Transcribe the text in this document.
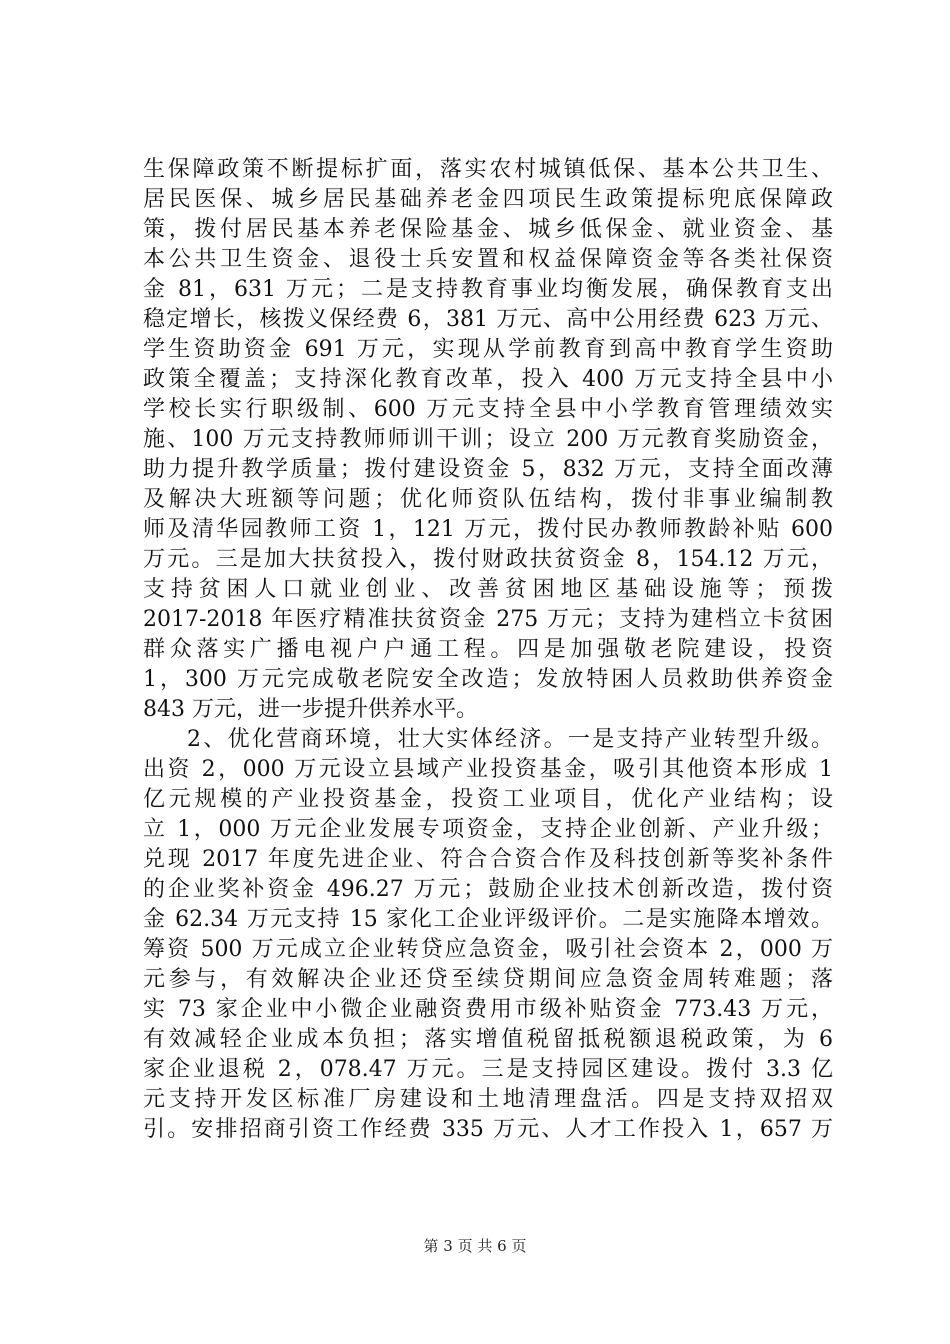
生保障政策不断提标扩面，落实农村城镇低保、基本公共卫生、
居民医保、城乡居民基础养老金四项民生政策提标兜底保障政
策，拨付居民基本养老保险基金、城乡低保金、就业资金、基
本公共卫生资金、退役士兵安置和权益保障资金等各类社保资
金 81，631 万元；二是支持教育事业均衡发展，确保教育支出
稳定增长，核拨义保经费 6，381 万元、高中公用经费 623 万元、
学生资助资金 691 万元，实现从学前教育到高中教育学生资助
政策全覆盖；支持深化教育改革，投入 400 万元支持全县中小
学校长实行职级制、600 万元支持全县中小学教育管理绩效实
施、100 万元支持教师师训干训；设立 200 万元教育奖励资金，
助力提升教学质量；拨付建设资金 5，832 万元，支持全面改薄
及解决大班额等问题；优化师资队伍结构，拨付非事业编制教
师及清华园教师工资 1，121 万元，拨付民办教师教龄补贴 600
万元。三是加大扶贫投入，拨付财政扶贫资金 8，154.12 万元，
支持贫困人口就业创业、改善贫困地区基础设施等；预拨
2017-2018 年医疗精准扶贫资金 275 万元；支持为建档立卡贫困
群众落实广播电视户户通工程。四是加强敬老院建设，投资
1，300 万元完成敬老院安全改造；发放特困人员救助供养资金
843 万元，进一步提升供养水平。
2、优化营商环境，壮大实体经济。一是支持产业转型升级。
出资 2，000 万元设立县域产业投资基金，吸引其他资本形成 1
亿元规模的产业投资基金，投资工业项目，优化产业结构；设
立 1，000 万元企业发展专项资金，支持企业创新、产业升级；
兑现 2017 年度先进企业、符合合资合作及科技创新等奖补条件
的企业奖补资金 496.27 万元；鼓励企业技术创新改造，拨付资
金 62.34 万元支持 15 家化工企业评级评价。二是实施降本增效。
筹资 500 万元成立企业转贷应急资金，吸引社会资本 2，000 万
元参与，有效解决企业还贷至续贷期间应急资金周转难题；落
实 73 家企业中小微企业融资费用市级补贴资金 773.43 万元，
有效减轻企业成本负担；落实增值税留抵税额退税政策，为 6
家企业退税 2，078.47 万元。三是支持园区建设。拨付 3.3 亿
元支持开发区标准厂房建设和土地清理盘活。四是支持双招双
引。安排招商引资工作经费 335 万元、人才工作投入 1，657 万
第 3 页 共 6 页
